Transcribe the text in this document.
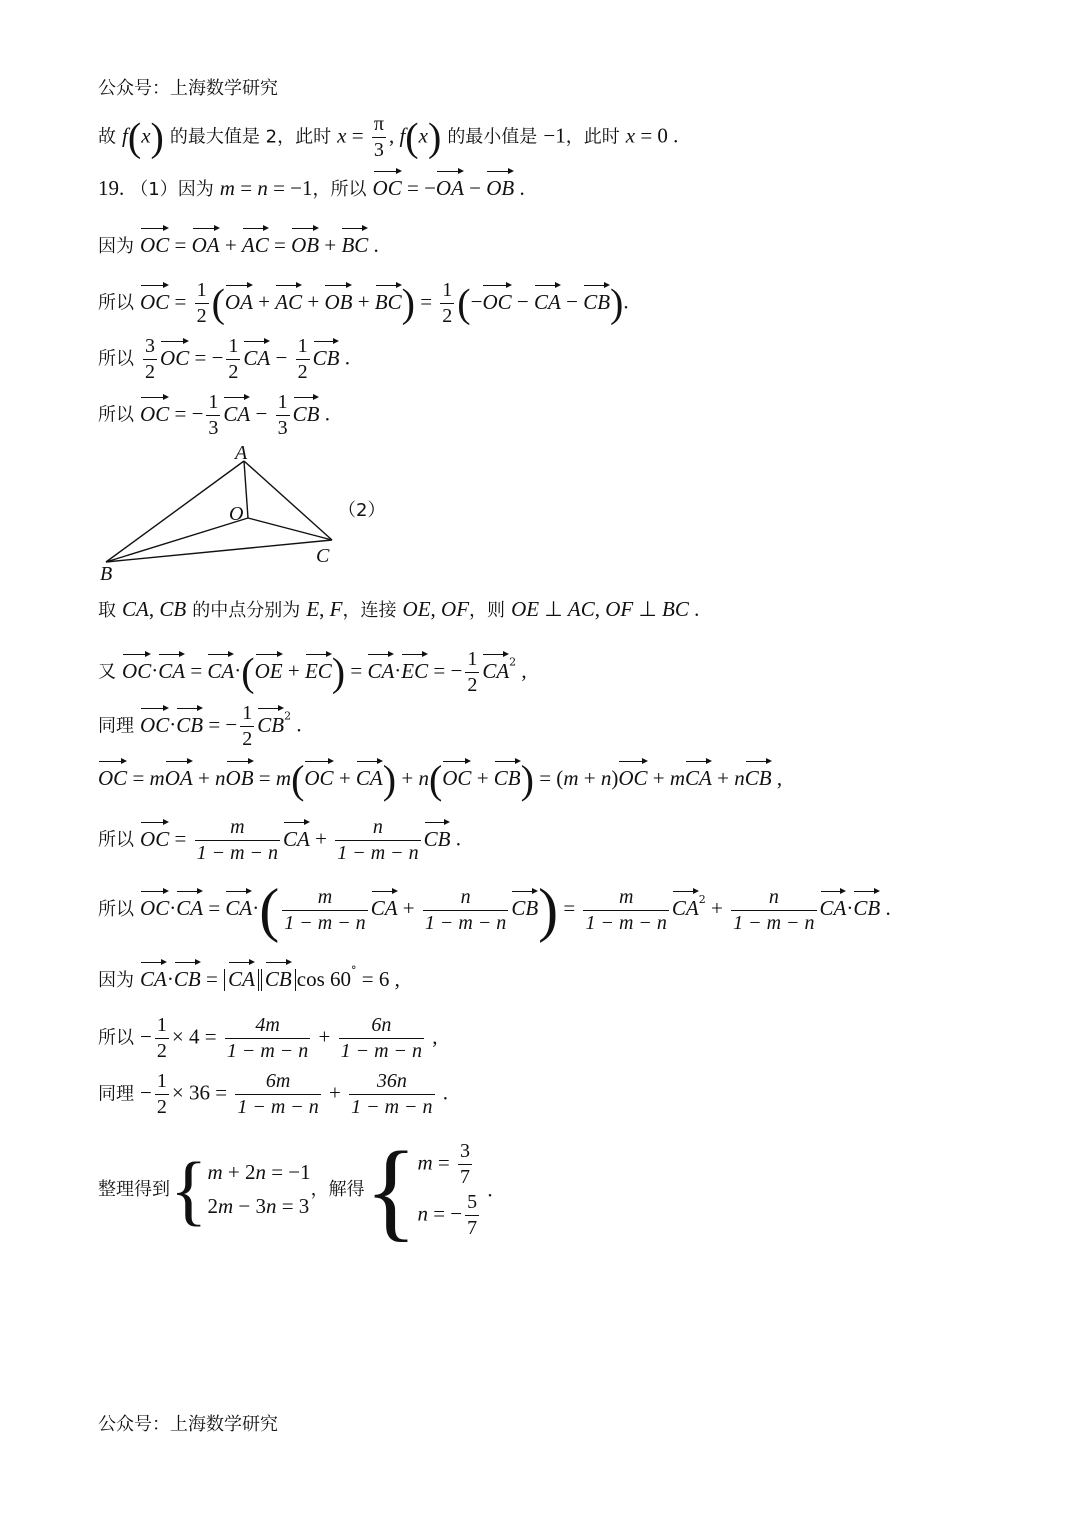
公众号：上海数学研究
故 f(x) 的最大值是 2，此时 $x = \frac{\pi}{3}$ , f(x) 的最小值是 −1，此时 x = 0 .
19. （1）因为 m = n = −1，所以 OC = −OA − OB .
因为 OC = OA + AC = OB + BC .
所以 OC = $\frac{1}{2} (OA$ + AC + OB + $BC) = \frac{1}{2} (-OC$ − CA − CB).
所以 $\frac{3}{2}$ OC = − $\frac{1}{2}$ CA − $\frac{1}{2}$ CB .
所以 OC = − $\frac{1}{3}$ CA − $\frac{1}{3}$ CB .
A
O
B
C
（2）
取 CA, CB 的中点分别为 E, F，连接 OE, OF，则 OE ⊥ AC, OF ⊥ BC .
又 OC·CA = CA·(OE + EC) = CA·EC = − $\frac{1}{2} CA^2$ ,
同理 OC·CB = − $\frac{1}{2} CB^2$ .
OC = mOA + nOB = m(OC + CA) + n(OC + CB) = (m + n)OC + mCA + nCB ,
所以 OC = $\frac{m}{1 - m - n}$ CA + $\frac{n}{1 - m - n}$ CB .
所以 $OC\cdot CA = CA\cdot( \frac{m}{1 - m - n}$ CA + $\frac{n}{1 - m - n} CB) = \frac{m}{1 - m - n} CA^2 + \frac{n}{1 - m - n} CA\cdot CB$ .
因为 CA·CB = CA CB cos 60° = 6 ,
所以 − $\frac{1}{2} \times 4 = \frac{4m}{1 - m - n} + \frac{6n}{1 - m - n}$ ,
同理 − $\frac{1}{2} \times 36 = \frac{6m}{1 - m - n} + \frac{36n}{1 - m - n}$ .
整理得到{ m + 2n = −1
2m − 3n = 3
，解得{ $m = \frac{3}{7}$
n = − $\frac{5}{7}$
.
公众号：上海数学研究
